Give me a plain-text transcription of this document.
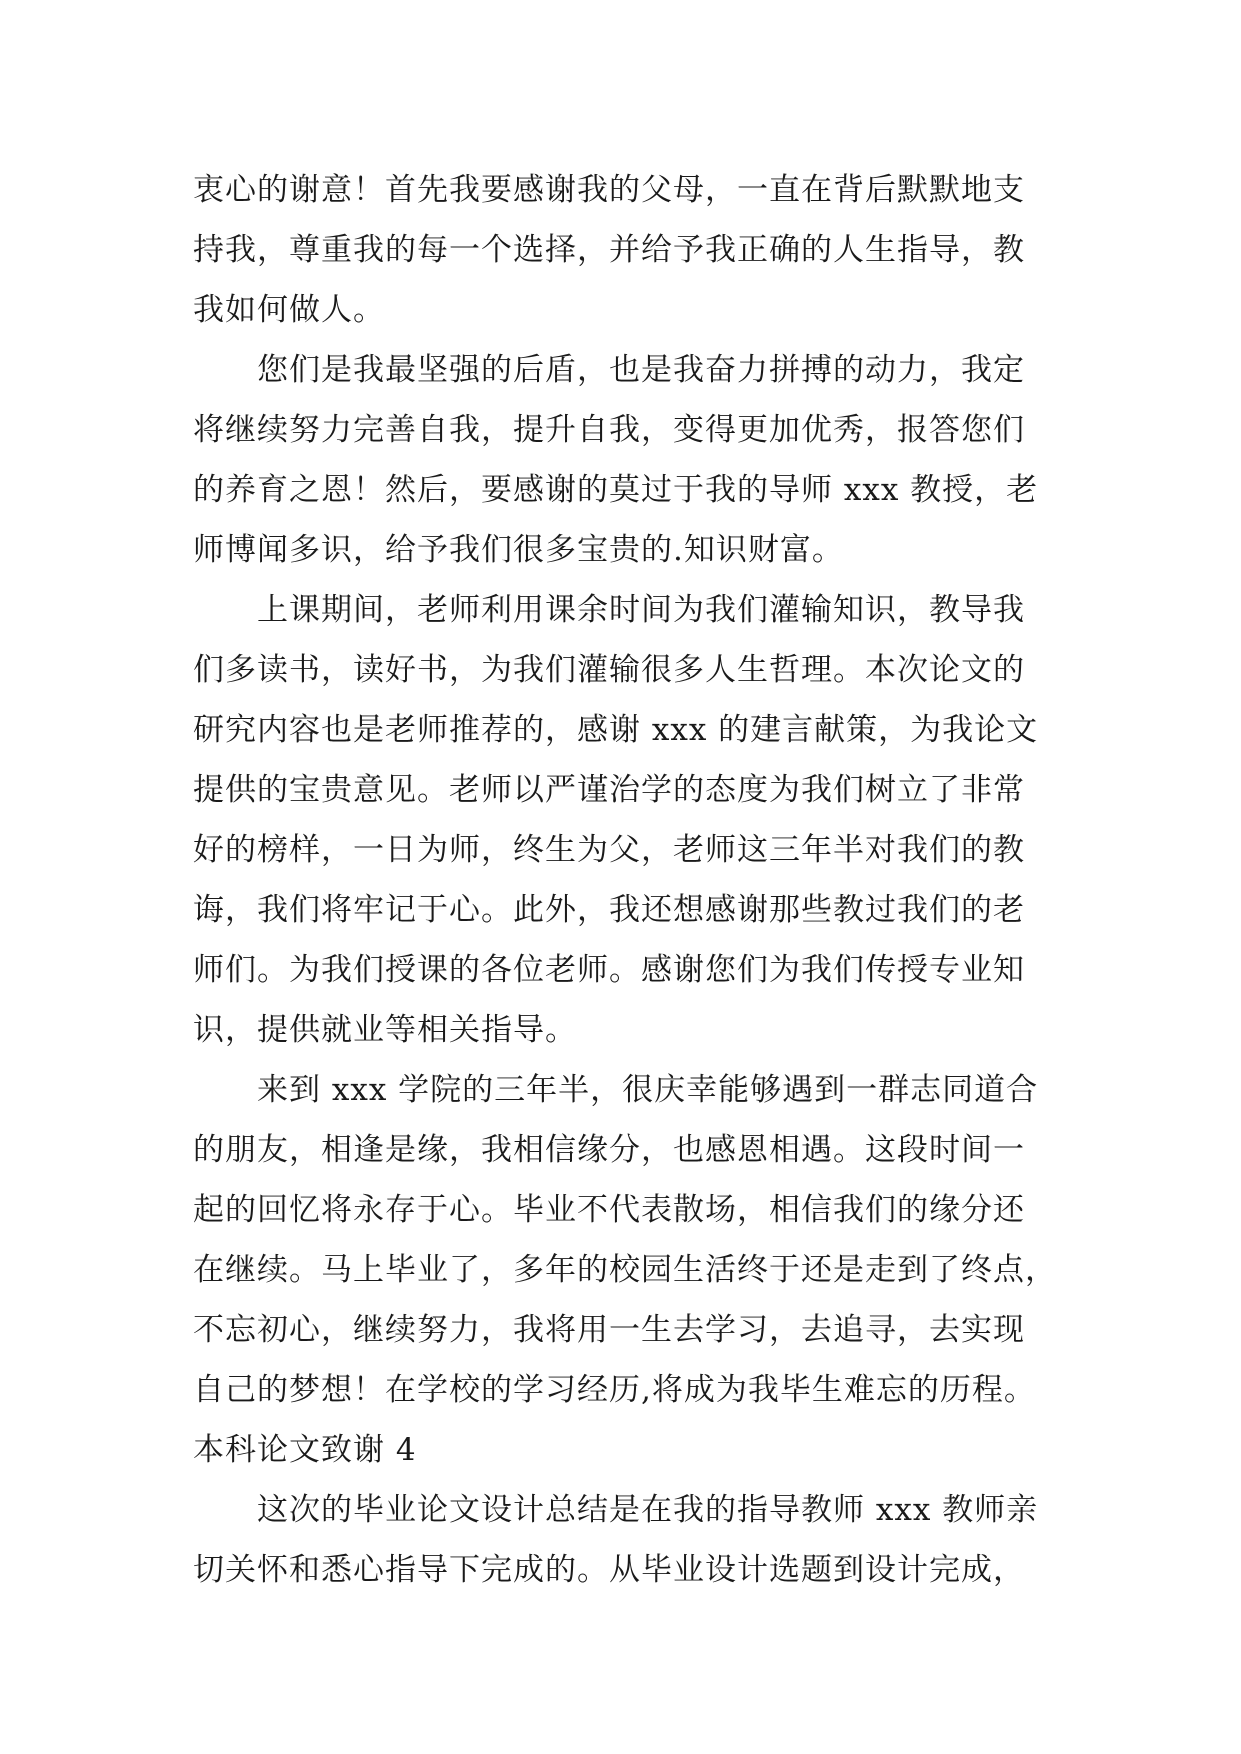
衷心的谢意！首先我要感谢我的父母，一直在背后默默地支
持我，尊重我的每一个选择，并给予我正确的人生指导，教
我如何做人。
您们是我最坚强的后盾，也是我奋力拼搏的动力，我定
将继续努力完善自我，提升自我，变得更加优秀，报答您们
的养育之恩！然后，要感谢的莫过于我的导师 xxx 教授，老
师博闻多识，给予我们很多宝贵的.知识财富。
上课期间，老师利用课余时间为我们灌输知识，教导我
们多读书，读好书，为我们灌输很多人生哲理。本次论文的
研究内容也是老师推荐的，感谢 xxx 的建言献策，为我论文
提供的宝贵意见。老师以严谨治学的态度为我们树立了非常
好的榜样，一日为师，终生为父，老师这三年半对我们的教
诲，我们将牢记于心。此外，我还想感谢那些教过我们的老
师们。为我们授课的各位老师。感谢您们为我们传授专业知
识，提供就业等相关指导。
来到 xxx 学院的三年半，很庆幸能够遇到一群志同道合
的朋友，相逢是缘，我相信缘分，也感恩相遇。这段时间一
起的回忆将永存于心。毕业不代表散场，相信我们的缘分还
在继续。马上毕业了，多年的校园生活终于还是走到了终点，
不忘初心，继续努力，我将用一生去学习，去追寻，去实现
自己的梦想！在学校的学习经历,将成为我毕生难忘的历程。
本科论文致谢 4
这次的毕业论文设计总结是在我的指导教师 xxx 教师亲
切关怀和悉心指导下完成的。从毕业设计选题到设计完成，
